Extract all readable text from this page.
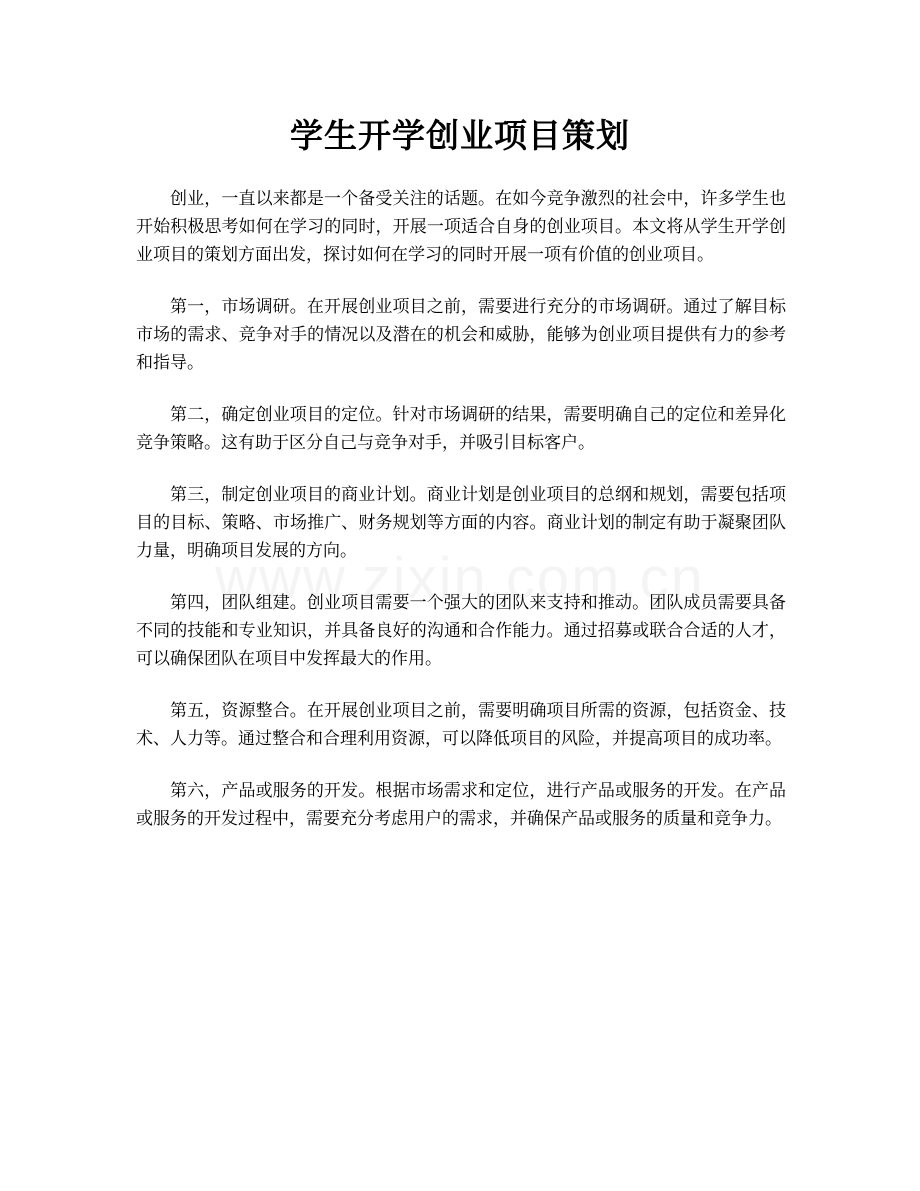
学生开学创业项目策划

创业，一直以来都是一个备受关注的话题。在如今竞争激烈的社会中，许多学生也开始积极思考如何在学习的同时，开展一项适合自身的创业项目。本文将从学生开学创业项目的策划方面出发，探讨如何在学习的同时开展一项有价值的创业项目。

第一，市场调研。在开展创业项目之前，需要进行充分的市场调研。通过了解目标市场的需求、竞争对手的情况以及潜在的机会和威胁，能够为创业项目提供有力的参考和指导。

第二，确定创业项目的定位。针对市场调研的结果，需要明确自己的定位和差异化竞争策略。这有助于区分自己与竞争对手，并吸引目标客户。

第三，制定创业项目的商业计划。商业计划是创业项目的总纲和规划，需要包括项目的目标、策略、市场推广、财务规划等方面的内容。商业计划的制定有助于凝聚团队力量，明确项目发展的方向。

第四，团队组建。创业项目需要一个强大的团队来支持和推动。团队成员需要具备不同的技能和专业知识，并具备良好的沟通和合作能力。通过招募或联合合适的人才，可以确保团队在项目中发挥最大的作用。

第五，资源整合。在开展创业项目之前，需要明确项目所需的资源，包括资金、技术、人力等。通过整合和合理利用资源，可以降低项目的风险，并提高项目的成功率。

第六，产品或服务的开发。根据市场需求和定位，进行产品或服务的开发。在产品或服务的开发过程中，需要充分考虑用户的需求，并确保产品或服务的质量和竞争力。
